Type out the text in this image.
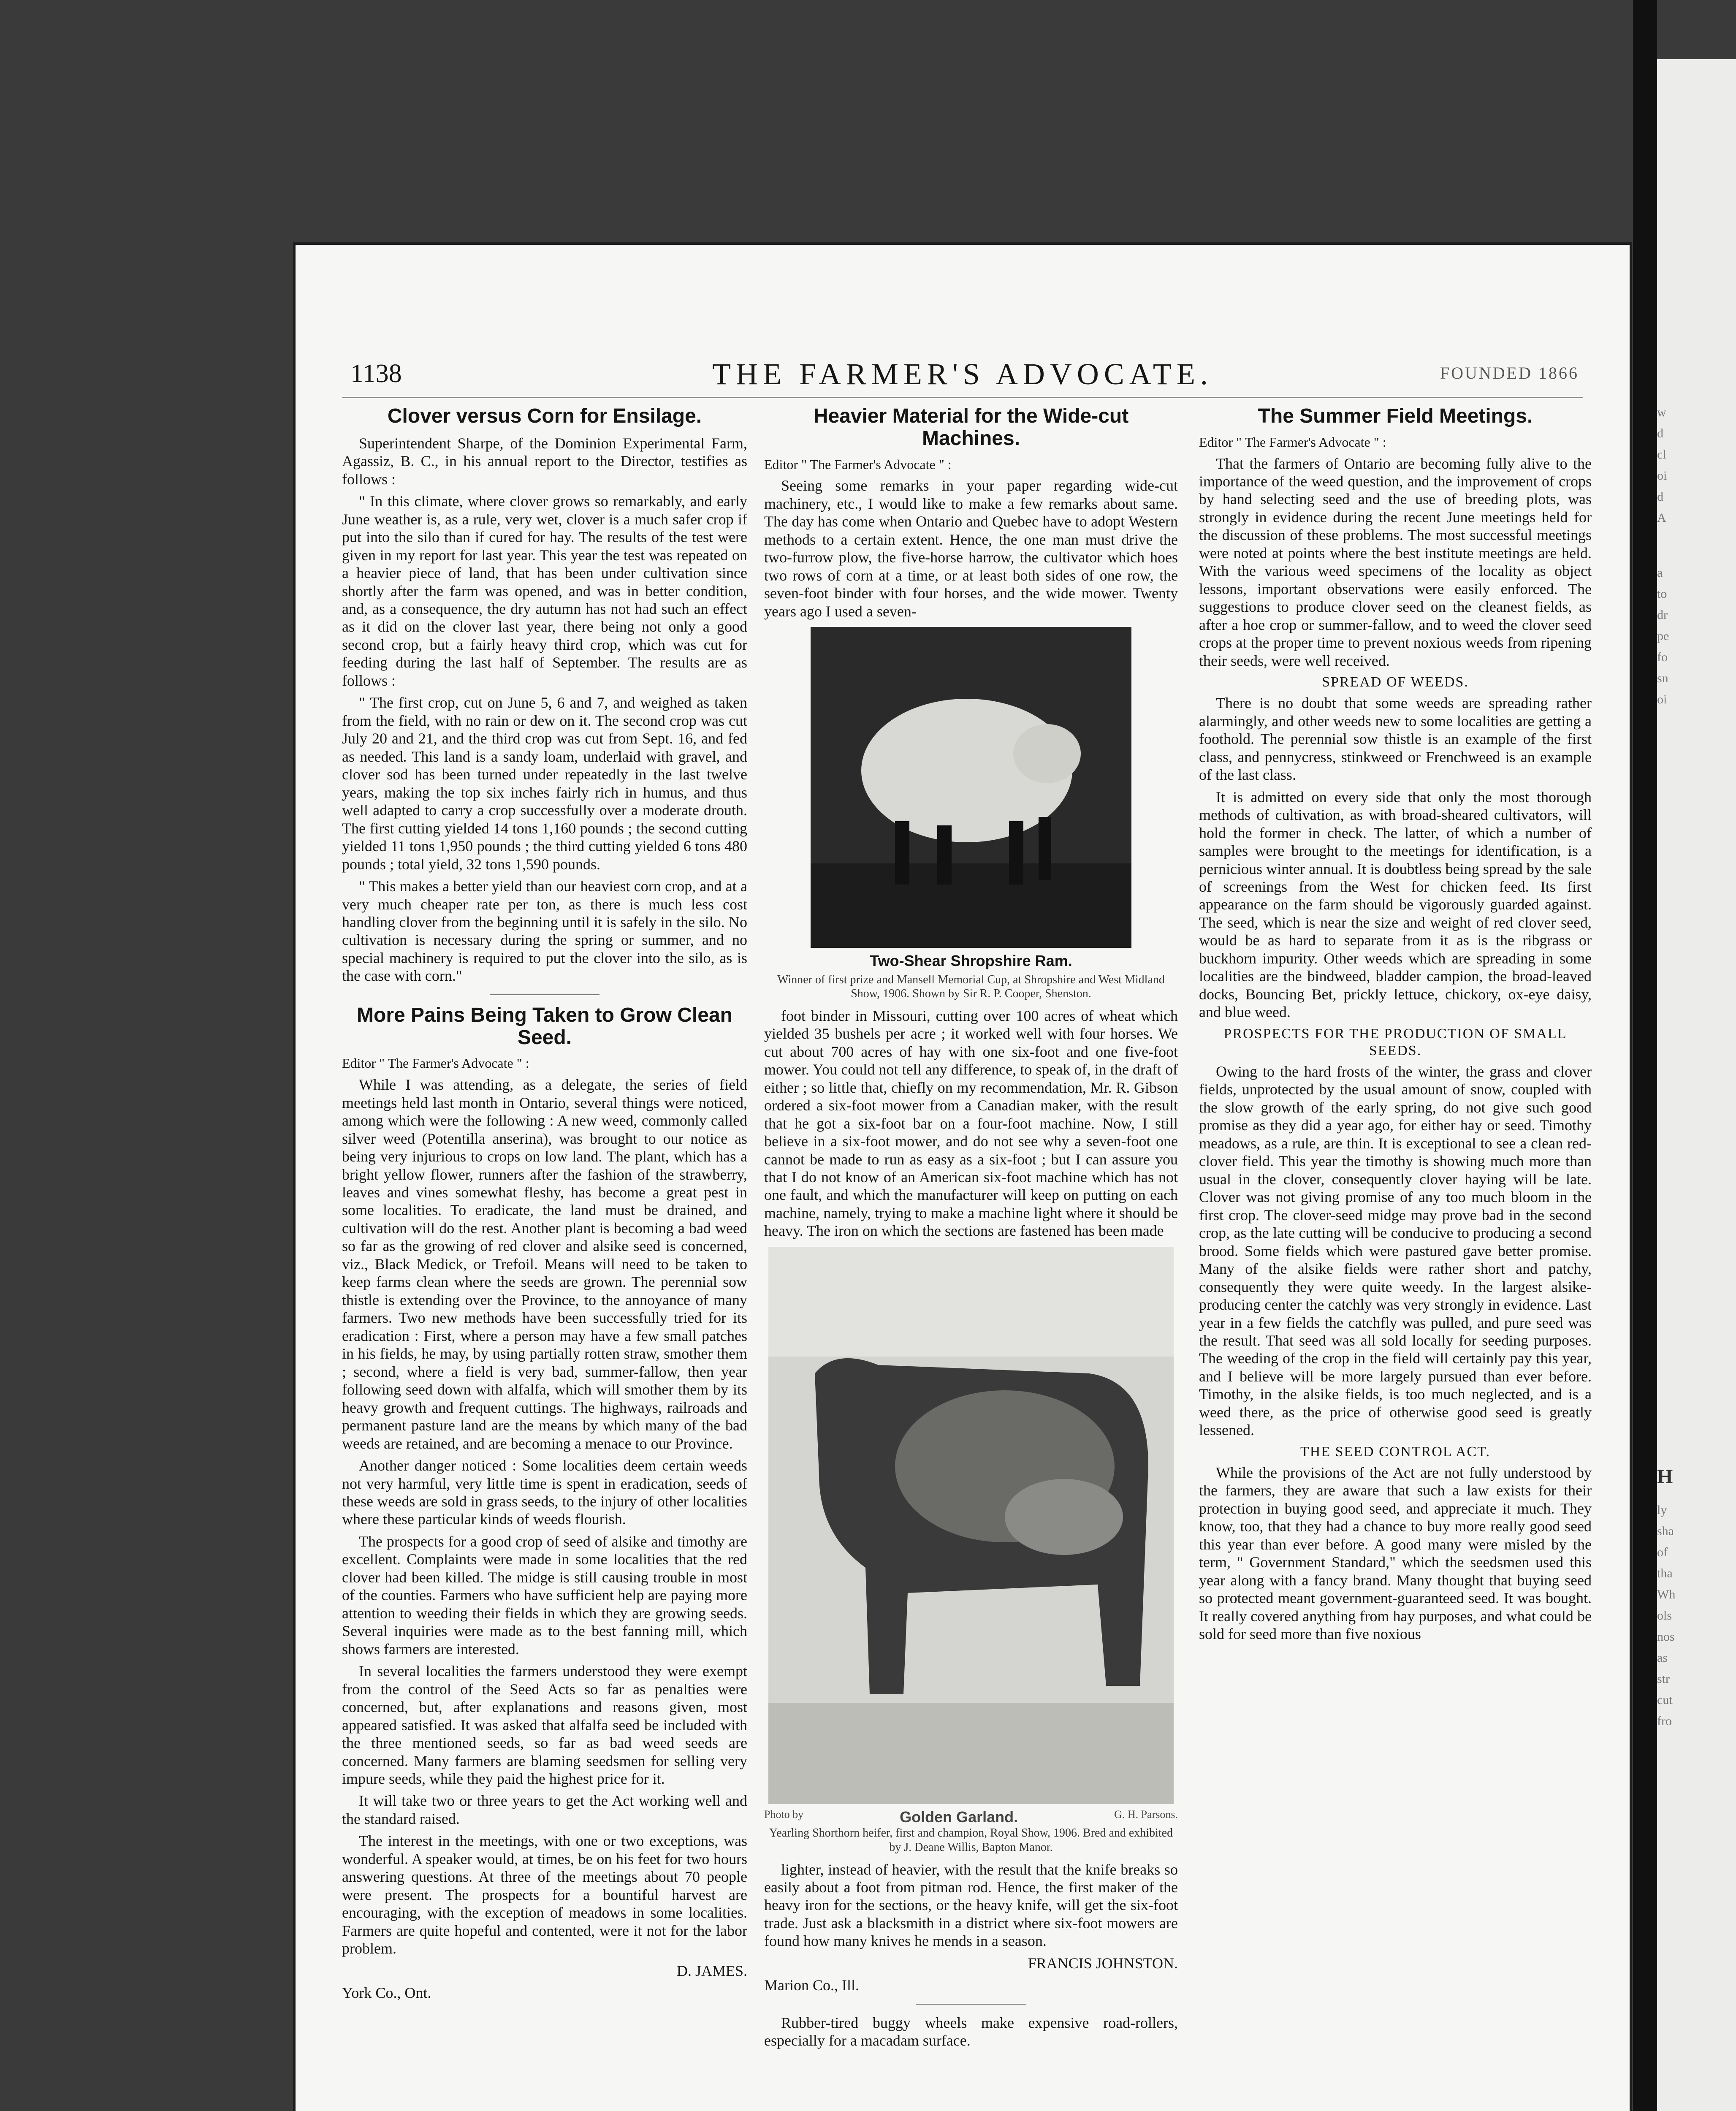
w
d
cl
oi
d
A
a
to
dr
pe
fo
sn
oi
H
ly
sha
of
tha
Wh
ols
nos
as
str
cut
fro
1138	THE FARMER'S ADVOCATE.	FOUNDED 1866
Clover versus Corn for Ensilage.

Superintendent Sharpe, of the Dominion Experimental Farm, Agassiz, B. C., in his annual report to the Director, testifies as follows :

" In this climate, where clover grows so remarkably, and early June weather is, as a rule, very wet, clover is a much safer crop if put into the silo than if cured for hay. The results of the test were given in my report for last year. This year the test was repeated on a heavier piece of land, that has been under cultivation since shortly after the farm was opened, and was in better condition, and, as a consequence, the dry autumn has not had such an effect as it did on the clover last year, there being not only a good second crop, but a fairly heavy third crop, which was cut for feeding during the last half of September. The results are as follows :

" The first crop, cut on June 5, 6 and 7, and weighed as taken from the field, with no rain or dew on it. The second crop was cut July 20 and 21, and the third crop was cut from Sept. 16, and fed as needed. This land is a sandy loam, underlaid with gravel, and clover sod has been turned under repeatedly in the last twelve years, making the top six inches fairly rich in humus, and thus well adapted to carry a crop successfully over a moderate drouth. The first cutting yielded 14 tons 1,160 pounds ; the second cutting yielded 11 tons 1,950 pounds ; the third cutting yielded 6 tons 480 pounds ; total yield, 32 tons 1,590 pounds.

" This makes a better yield than our heaviest corn crop, and at a very much cheaper rate per ton, as there is much less cost handling clover from the beginning until it is safely in the silo. No cultivation is necessary during the spring or summer, and no special machinery is required to put the clover into the silo, as is the case with corn."

More Pains Being Taken to Grow Clean Seed.

Editor " The Farmer's Advocate " :

While I was attending, as a delegate, the series of field meetings held last month in Ontario, several things were noticed, among which were the following : A new weed, commonly called silver weed (Potentilla anserina), was brought to our notice as being very injurious to crops on low land. The plant, which has a bright yellow flower, runners after the fashion of the strawberry, leaves and vines somewhat fleshy, has become a great pest in some localities. To eradicate, the land must be drained, and cultivation will do the rest. Another plant is becoming a bad weed so far as the growing of red clover and alsike seed is concerned, viz., Black Medick, or Trefoil. Means will need to be taken to keep farms clean where the seeds are grown. The perennial sow thistle is extending over the Province, to the annoyance of many farmers. Two new methods have been successfully tried for its eradication : First, where a person may have a few small patches in his fields, he may, by using partially rotten straw, smother them ; second, where a field is very bad, summer-fallow, then year following seed down with alfalfa, which will smother them by its heavy growth and frequent cuttings. The highways, railroads and permanent pasture land are the means by which many of the bad weeds are retained, and are becoming a menace to our Province.

Another danger noticed : Some localities deem certain weeds not very harmful, very little time is spent in eradication, seeds of these weeds are sold in grass seeds, to the injury of other localities where these particular kinds of weeds flourish.

The prospects for a good crop of seed of alsike and timothy are excellent. Complaints were made in some localities that the red clover had been killed. The midge is still causing trouble in most of the counties. Farmers who have sufficient help are paying more attention to weeding their fields in which they are growing seeds. Several inquiries were made as to the best fanning mill, which shows farmers are interested.

In several localities the farmers understood they were exempt from the control of the Seed Acts so far as penalties were concerned, but, after explanations and reasons given, most appeared satisfied. It was asked that alfalfa seed be included with the three mentioned seeds, so far as bad weed seeds are concerned. Many farmers are blaming seedsmen for selling very impure seeds, while they paid the highest price for it.

It will take two or three years to get the Act working well and the standard raised.

The interest in the meetings, with one or two exceptions, was wonderful. A speaker would, at times, be on his feet for two hours answering questions. At three of the meetings about 70 people were present. The prospects for a bountiful harvest are encouraging, with the exception of meadows in some localities. Farmers are quite hopeful and contented, were it not for the labor problem.

D. JAMES.

York Co., Ont.

Heavier Material for the Wide-cut Machines.

Editor " The Farmer's Advocate " :

Seeing some remarks in your paper regarding wide-cut machinery, etc., I would like to make a few remarks about same. The day has come when Ontario and Quebec have to adopt Western methods to a certain extent. Hence, the one man must drive the two-furrow plow, the five-horse harrow, the cultivator which hoes two rows of corn at a time, or at least both sides of one row, the seven-foot binder with four horses, and the wide mower. Twenty years ago I used a seven-

Two-Shear Shropshire Ram.

Winner of first prize and Mansell Memorial Cup, at Shropshire and West Midland Show, 1906. Shown by Sir R. P. Cooper, Shenston.

foot binder in Missouri, cutting over 100 acres of wheat which yielded 35 bushels per acre ; it worked well with four horses. We cut about 700 acres of hay with one six-foot and one five-foot mower. You could not tell any difference, to speak of, in the draft of either ; so little that, chiefly on my recommendation, Mr. R. Gibson ordered a six-foot mower from a Canadian maker, with the result that he got a six-foot bar on a four-foot machine. Now, I still believe in a six-foot mower, and do not see why a seven-foot one cannot be made to run as easy as a six-foot ; but I can assure you that I do not know of an American six-foot machine which has not one fault, and which the manufacturer will keep on putting on each machine, namely, trying to make a machine light where it should be heavy. The iron on which the sections are fastened has been made

Photo by	Golden Garland.	G. H. Parsons.

Yearling Shorthorn heifer, first and champion, Royal Show, 1906. Bred and exhibited by J. Deane Willis, Bapton Manor.

lighter, instead of heavier, with the result that the knife breaks so easily about a foot from pitman rod. Hence, the first maker of the heavy iron for the sections, or the heavy knife, will get the six-foot trade. Just ask a blacksmith in a district where six-foot mowers are found how many knives he mends in a season.

FRANCIS JOHNSTON.

Marion Co., Ill.

Rubber-tired buggy wheels make expensive road-rollers, especially for a macadam surface.

The Summer Field Meetings.

Editor " The Farmer's Advocate " :

That the farmers of Ontario are becoming fully alive to the importance of the weed question, and the improvement of crops by hand selecting seed and the use of breeding plots, was strongly in evidence during the recent June meetings held for the discussion of these problems. The most successful meetings were noted at points where the best institute meetings are held. With the various weed specimens of the locality as object lessons, important observations were easily enforced. The suggestions to produce clover seed on the cleanest fields, as after a hoe crop or summer-fallow, and to weed the clover seed crops at the proper time to prevent noxious weeds from ripening their seeds, were well received.

SPREAD OF WEEDS.

There is no doubt that some weeds are spreading rather alarmingly, and other weeds new to some localities are getting a foothold. The perennial sow thistle is an example of the first class, and pennycress, stinkweed or Frenchweed is an example of the last class.

It is admitted on every side that only the most thorough methods of cultivation, as with broad-sheared cultivators, will hold the former in check. The latter, of which a number of samples were brought to the meetings for identification, is a pernicious winter annual. It is doubtless being spread by the sale of screenings from the West for chicken feed. Its first appearance on the farm should be vigorously guarded against. The seed, which is near the size and weight of red clover seed, would be as hard to separate from it as is the ribgrass or buckhorn impurity. Other weeds which are spreading in some localities are the bindweed, bladder campion, the broad-leaved docks, Bouncing Bet, prickly lettuce, chickory, ox-eye daisy, and blue weed.

PROSPECTS FOR THE PRODUCTION OF SMALL SEEDS.

Owing to the hard frosts of the winter, the grass and clover fields, unprotected by the usual amount of snow, coupled with the slow growth of the early spring, do not give such good promise as they did a year ago, for either hay or seed. Timothy meadows, as a rule, are thin. It is exceptional to see a clean red-clover field. This year the timothy is showing much more than usual in the clover, consequently clover haying will be late. Clover was not giving promise of any too much bloom in the first crop. The clover-seed midge may prove bad in the second crop, as the late cutting will be conducive to producing a second brood. Some fields which were pastured gave better promise. Many of the alsike fields were rather short and patchy, consequently they were quite weedy. In the largest alsike-producing center the catchly was very strongly in evidence. Last year in a few fields the catchfly was pulled, and pure seed was the result. That seed was all sold locally for seeding purposes. The weeding of the crop in the field will certainly pay this year, and I believe will be more largely pursued than ever before. Timothy, in the alsike fields, is too much neglected, and is a weed there, as the price of otherwise good seed is greatly lessened.

THE SEED CONTROL ACT.

While the provisions of the Act are not fully understood by the farmers, they are aware that such a law exists for their protection in buying good seed, and appreciate it much. They know, too, that they had a chance to buy more really good seed this year than ever before. A good many were misled by the term, " Government Standard," which the seedsmen used this year along with a fancy brand. Many thought that buying seed so protected meant government-guaranteed seed. It was bought. It really covered anything from hay purposes, and what could be sold for seed more than five noxious
